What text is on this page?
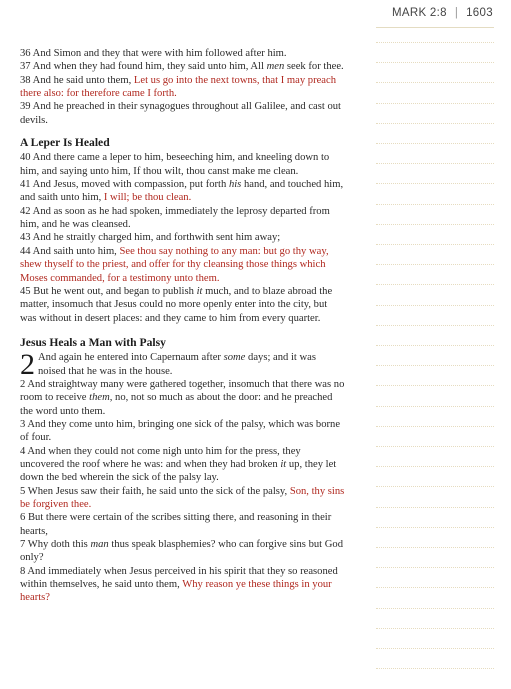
MARK 2:8 | 1603

36 And Simon and they that were with him followed after him.

37 And when they had found him, they said unto him, All men seek for thee.

38 And he said unto them, Let us go into the next towns, that I may preach there also: for therefore came I forth.

39 And he preached in their synagogues throughout all Galilee, and cast out devils.

A Leper Is Healed

40 And there came a leper to him, beseeching him, and kneeling down to him, and saying unto him, If thou wilt, thou canst make me clean.

41 And Jesus, moved with compassion, put forth his hand, and touched him, and saith unto him, I will; be thou clean.

42 And as soon as he had spoken, immediately the leprosy departed from him, and he was cleansed.

43 And he straitly charged him, and forthwith sent him away;

44 And saith unto him, See thou say nothing to any man: but go thy way, shew thyself to the priest, and offer for thy cleansing those things which Moses commanded, for a testimony unto them.

45 But he went out, and began to publish it much, and to blaze abroad the matter, insomuch that Jesus could no more openly enter into the city, but was without in desert places: and they came to him from every quarter.

Jesus Heals a Man with Palsy

2 And again he entered into Capernaum after some days; and it was noised that he was in the house.

2 And straightway many were gathered together, insomuch that there was no room to receive them, no, not so much as about the door: and he preached the word unto them.

3 And they come unto him, bringing one sick of the palsy, which was borne of four.

4 And when they could not come nigh unto him for the press, they uncovered the roof where he was: and when they had broken it up, they let down the bed wherein the sick of the palsy lay.

5 When Jesus saw their faith, he said unto the sick of the palsy, Son, thy sins be forgiven thee.

6 But there were certain of the scribes sitting there, and reasoning in their hearts,

7 Why doth this man thus speak blasphemies? who can forgive sins but God only?

8 And immediately when Jesus perceived in his spirit that they so reasoned within themselves, he said unto them, Why reason ye these things in your hearts?
